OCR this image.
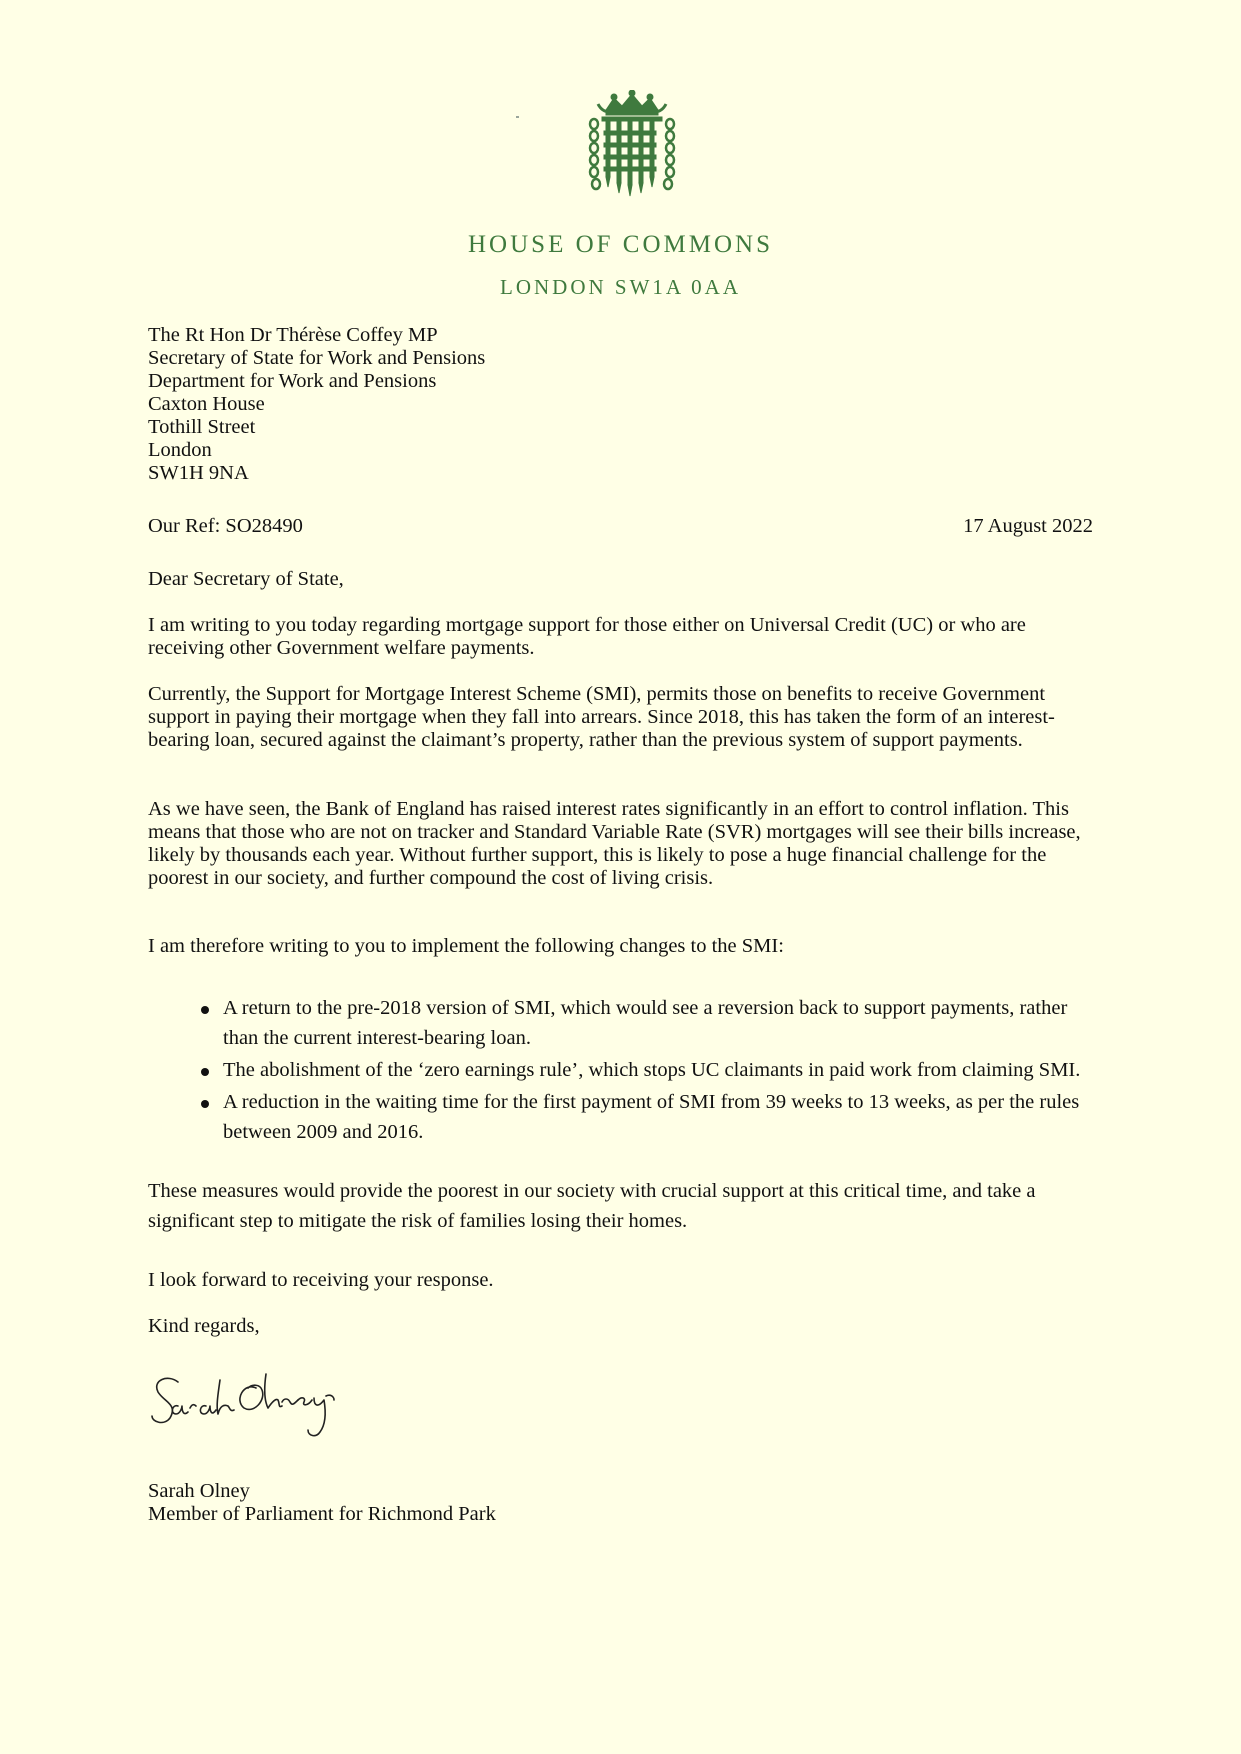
HOUSE OF COMMONS
LONDON SW1A 0AA
The Rt Hon Dr Thérèse Coffey MP
Secretary of State for Work and Pensions
Department for Work and Pensions
Caxton House
Tothill Street
London
SW1H 9NA
Our Ref: SO28490	17 August 2022
Dear Secretary of State,
I am writing to you today regarding mortgage support for those either on Universal Credit (UC) or who are receiving other Government welfare payments.
Currently, the Support for Mortgage Interest Scheme (SMI), permits those on benefits to receive Government support in paying their mortgage when they fall into arrears. Since 2018, this has taken the form of an interest-bearing loan, secured against the claimant’s property, rather than the previous system of support payments.
As we have seen, the Bank of England has raised interest rates significantly in an effort to control inflation. This means that those who are not on tracker and Standard Variable Rate (SVR) mortgages will see their bills increase, likely by thousands each year. Without further support, this is likely to pose a huge financial challenge for the poorest in our society, and further compound the cost of living crisis.
I am therefore writing to you to implement the following changes to the SMI:
A return to the pre-2018 version of SMI, which would see a reversion back to support payments, rather than the current interest-bearing loan.
The abolishment of the ‘zero earnings rule’, which stops UC claimants in paid work from claiming SMI.
A reduction in the waiting time for the first payment of SMI from 39 weeks to 13 weeks, as per the rules between 2009 and 2016.
These measures would provide the poorest in our society with crucial support at this critical time, and take a significant step to mitigate the risk of families losing their homes.
I look forward to receiving your response.
Kind regards,
Sarah Olney
Sarah Olney
Member of Parliament for Richmond Park
